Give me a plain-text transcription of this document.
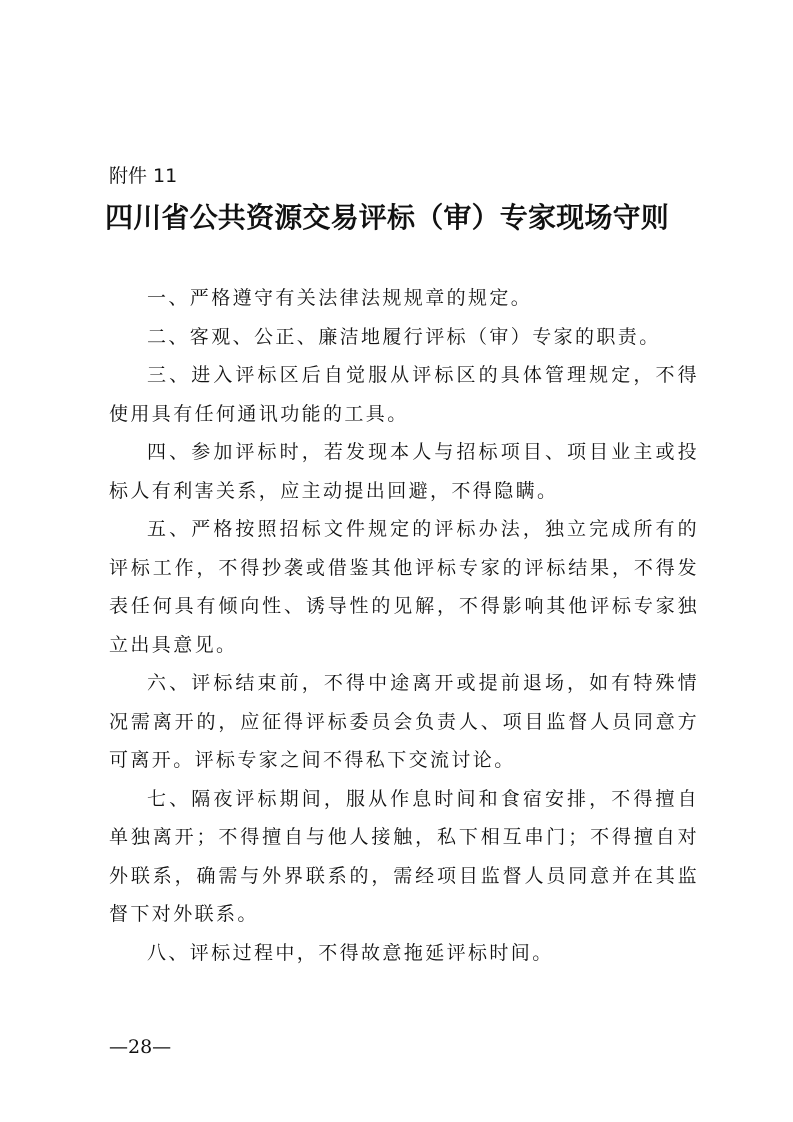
附件 11
四川省公共资源交易评标（审）专家现场守则

一、严格遵守有关法律法规规章的规定。

二、客观、公正、廉洁地履行评标（审）专家的职责。

三、进入评标区后自觉服从评标区的具体管理规定，不得使用具有任何通讯功能的工具。

四、参加评标时，若发现本人与招标项目、项目业主或投标人有利害关系，应主动提出回避，不得隐瞒。

五、严格按照招标文件规定的评标办法，独立完成所有的评标工作，不得抄袭或借鉴其他评标专家的评标结果，不得发表任何具有倾向性、诱导性的见解，不得影响其他评标专家独立出具意见。

六、评标结束前，不得中途离开或提前退场，如有特殊情况需离开的，应征得评标委员会负责人、项目监督人员同意方可离开。评标专家之间不得私下交流讨论。

七、隔夜评标期间，服从作息时间和食宿安排，不得擅自单独离开；不得擅自与他人接触，私下相互串门；不得擅自对外联系，确需与外界联系的，需经项目监督人员同意并在其监督下对外联系。

八、评标过程中，不得故意拖延评标时间。

—28—
